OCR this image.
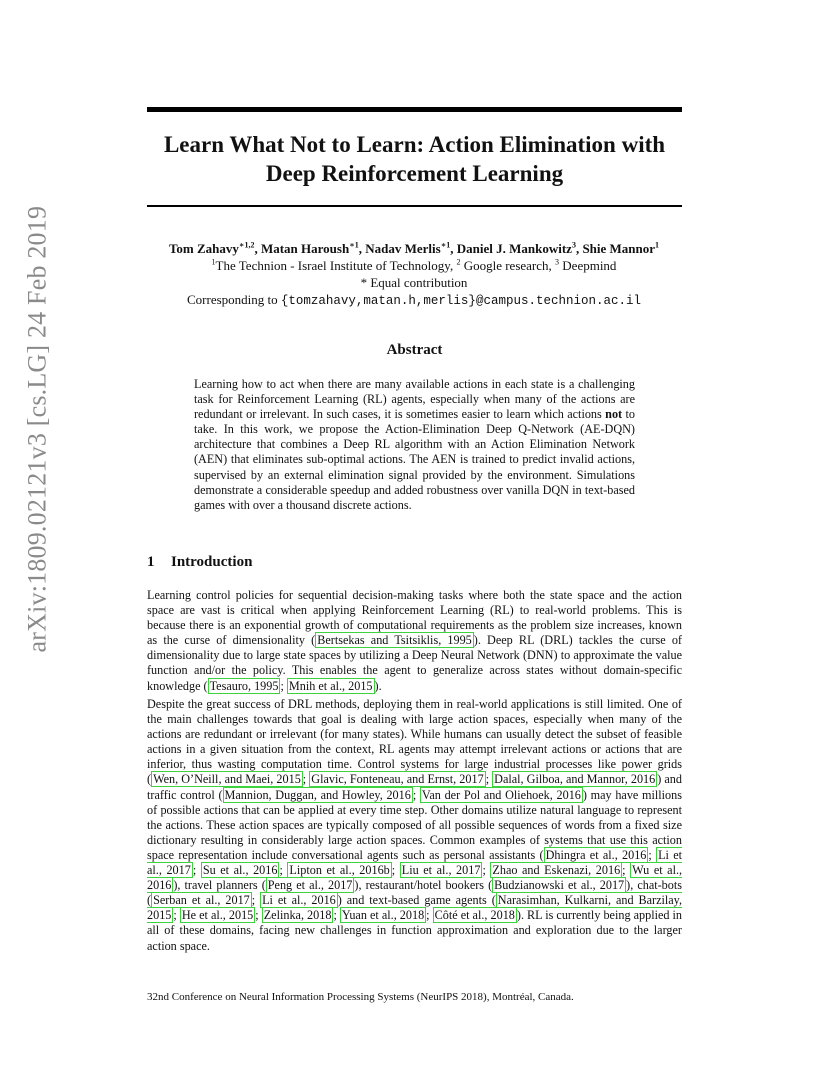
arXiv:1809.02121v3 [cs.LG] 24 Feb 2019
Learn What Not to Learn: Action Elimination with
Deep Reinforcement Learning
Tom Zahavy$^{∗1,2}$, Matan Haroush$^{∗1}$, Nadav Merlis$^{∗1}$, Daniel J. Mankowitz$^3$, Shie Mannor$^1$
$^1$The Technion - Israel Institute of Technology, $^2$ Google research, $^3$ Deepmind
* Equal contribution
Corresponding to {tomzahavy,matan.h,merlis}@campus.technion.ac.il
Abstract
Learning how to act when there are many available actions in each state is a challenging task for Reinforcement Learning (RL) agents, especially when many of the actions are redundant or irrelevant. In such cases, it is sometimes easier to learn which actions not to take. In this work, we propose the Action-Elimination Deep Q-Network (AE-DQN) architecture that combines a Deep RL algorithm with an Action Elimination Network (AEN) that eliminates sub-optimal actions. The AEN is trained to predict invalid actions, supervised by an external elimination signal provided by the environment. Simulations demonstrate a considerable speedup and added robustness over vanilla DQN in text-based games with over a thousand discrete actions.
1 Introduction
Learning control policies for sequential decision-making tasks where both the state space and the action space are vast is critical when applying Reinforcement Learning (RL) to real-world problems. This is because there is an exponential growth of computational requirements as the problem size increases, known as the curse of dimensionality ( Bertsekas and Tsitsiklis, 1995 ). Deep RL (DRL) tackles the curse of dimensionality due to large state spaces by utilizing a Deep Neural Network (DNN) to approximate the value function and/or the policy. This enables the agent to generalize across states without domain-specific knowledge ( Tesauro, 1995 ; Mnih et al., 2015 ).
Despite the great success of DRL methods, deploying them in real-world applications is still limited. One of the main challenges towards that goal is dealing with large action spaces, especially when many of the actions are redundant or irrelevant (for many states). While humans can usually detect the subset of feasible actions in a given situation from the context, RL agents may attempt irrelevant actions or actions that are inferior, thus wasting computation time. Control systems for large industrial processes like power grids ( Wen, O’Neill, and Maei, 2015 ; Glavic, Fonteneau, and Ernst, 2017 ; Dalal, Gilboa, and Mannor, 2016 ) and traffic control ( Mannion, Duggan, and Howley, 2016 ; Van der Pol and Oliehoek, 2016 ) may have millions of possible actions that can be applied at every time step. Other domains utilize natural language to represent the actions. These action spaces are typically composed of all possible sequences of words from a fixed size dictionary resulting in considerably large action spaces. Common examples of systems that use this action space representation include conversational agents such as personal assistants ( Dhingra et al., 2016 ; Li et al., 2017 ; Su et al., 2016 ; Lipton et al., 2016b ; Liu et al., 2017 ; Zhao and Eskenazi, 2016 ; Wu et al., 2016 ), travel planners ( Peng et al., 2017 ), restaurant/hotel bookers ( Budzianowski et al., 2017 ), chat-bots ( Serban et al., 2017 ; Li et al., 2016 ) and text-based game agents ( Narasimhan, Kulkarni, and Barzilay, 2015 ; He et al., 2015 ; Zelinka, 2018 ; Yuan et al., 2018 ; Côté et al., 2018 ). RL is currently being applied in all of these domains, facing new challenges in function approximation and exploration due to the larger action space.
32nd Conference on Neural Information Processing Systems (NeurIPS 2018), Montréal, Canada.
